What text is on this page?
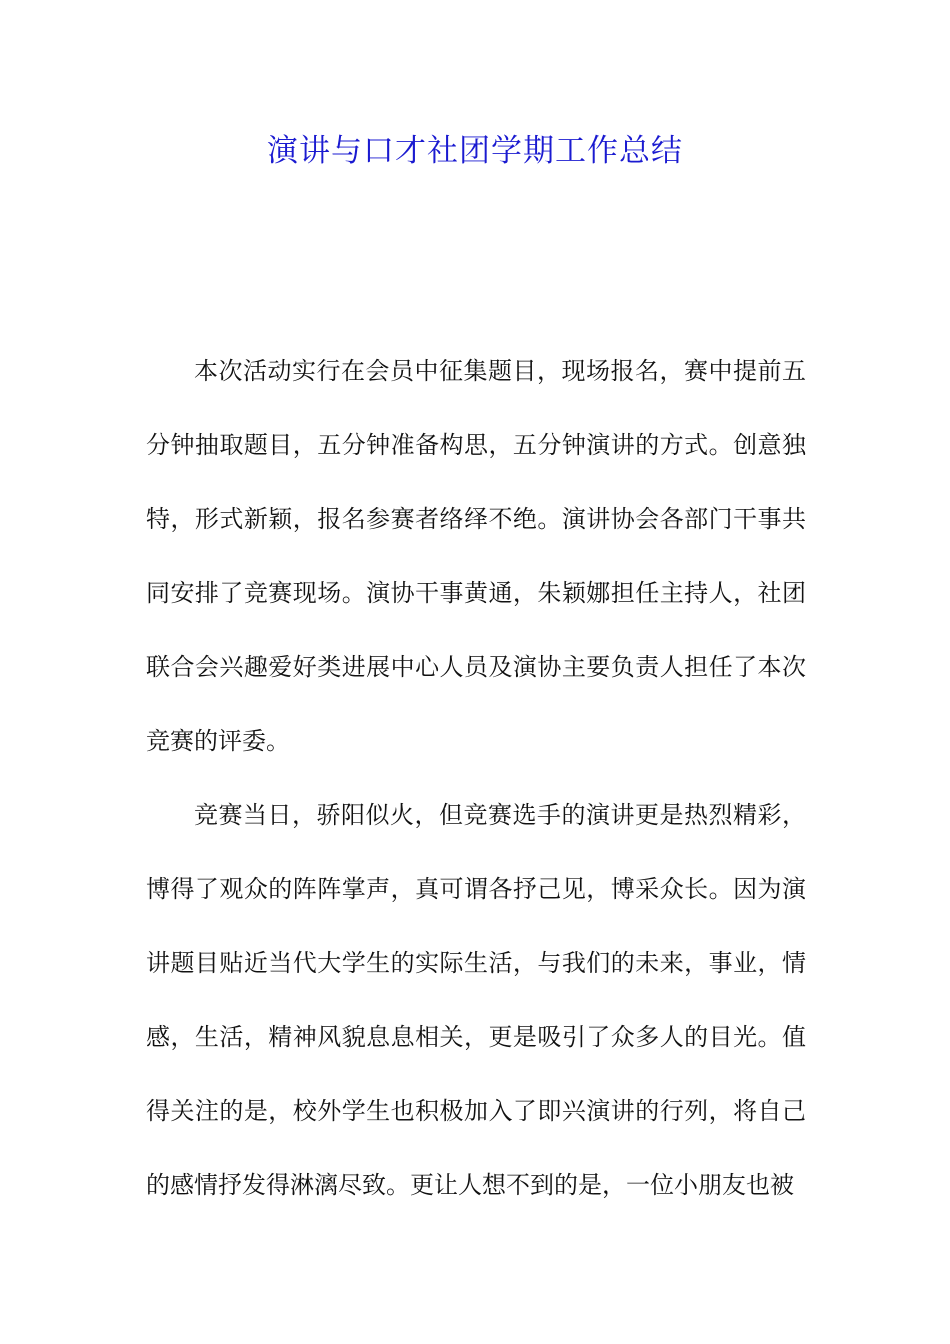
演讲与口才社团学期工作总结

本次活动实行在会员中征集题目，现场报名，赛中提前五分钟抽取题目，五分钟准备构思，五分钟演讲的方式。创意独特，形式新颖，报名参赛者络绎不绝。演讲协会各部门干事共同安排了竞赛现场。演协干事黄通，朱颖娜担任主持人，社团联合会兴趣爱好类进展中心人员及演协主要负责人担任了本次竞赛的评委。

竞赛当日，骄阳似火，但竞赛选手的演讲更是热烈精彩，博得了观众的阵阵掌声，真可谓各抒己见，博采众长。因为演讲题目贴近当代大学生的实际生活，与我们的未来，事业，情感，生活，精神风貌息息相关，更是吸引了众多人的目光。值得关注的是，校外学生也积极加入了即兴演讲的行列，将自己的感情抒发得淋漓尽致。更让人想不到的是，一位小朋友也被
